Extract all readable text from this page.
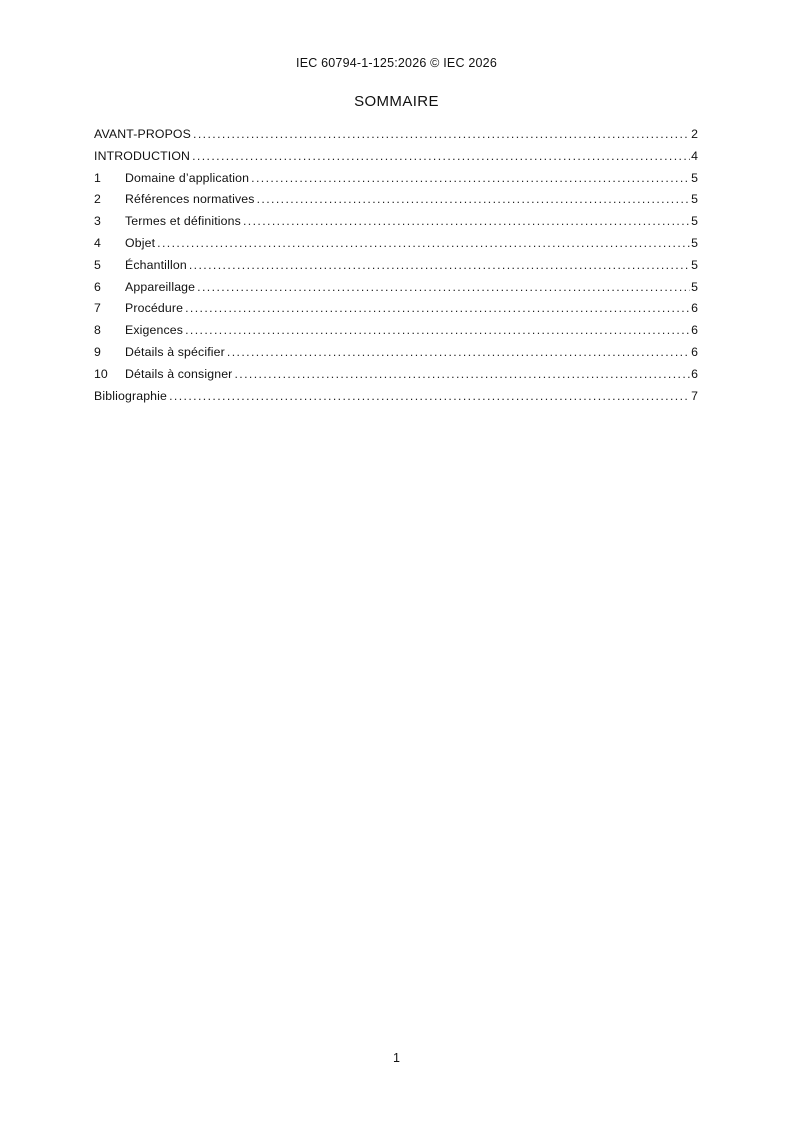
IEC 60794-1-125:2026 © IEC 2026
SOMMAIRE
AVANT-PROPOS .....	2
INTRODUCTION .....	4
1	Domaine d’application .....	5
2	Références normatives .....	5
3	Termes et définitions .....	5
4	Objet .....	5
5	Échantillon .....	5
6	Appareillage .....	5
7	Procédure .....	6
8	Exigences .....	6
9	Détails à spécifier .....	6
10	Détails à consigner .....	6
Bibliographie .....	7
1
